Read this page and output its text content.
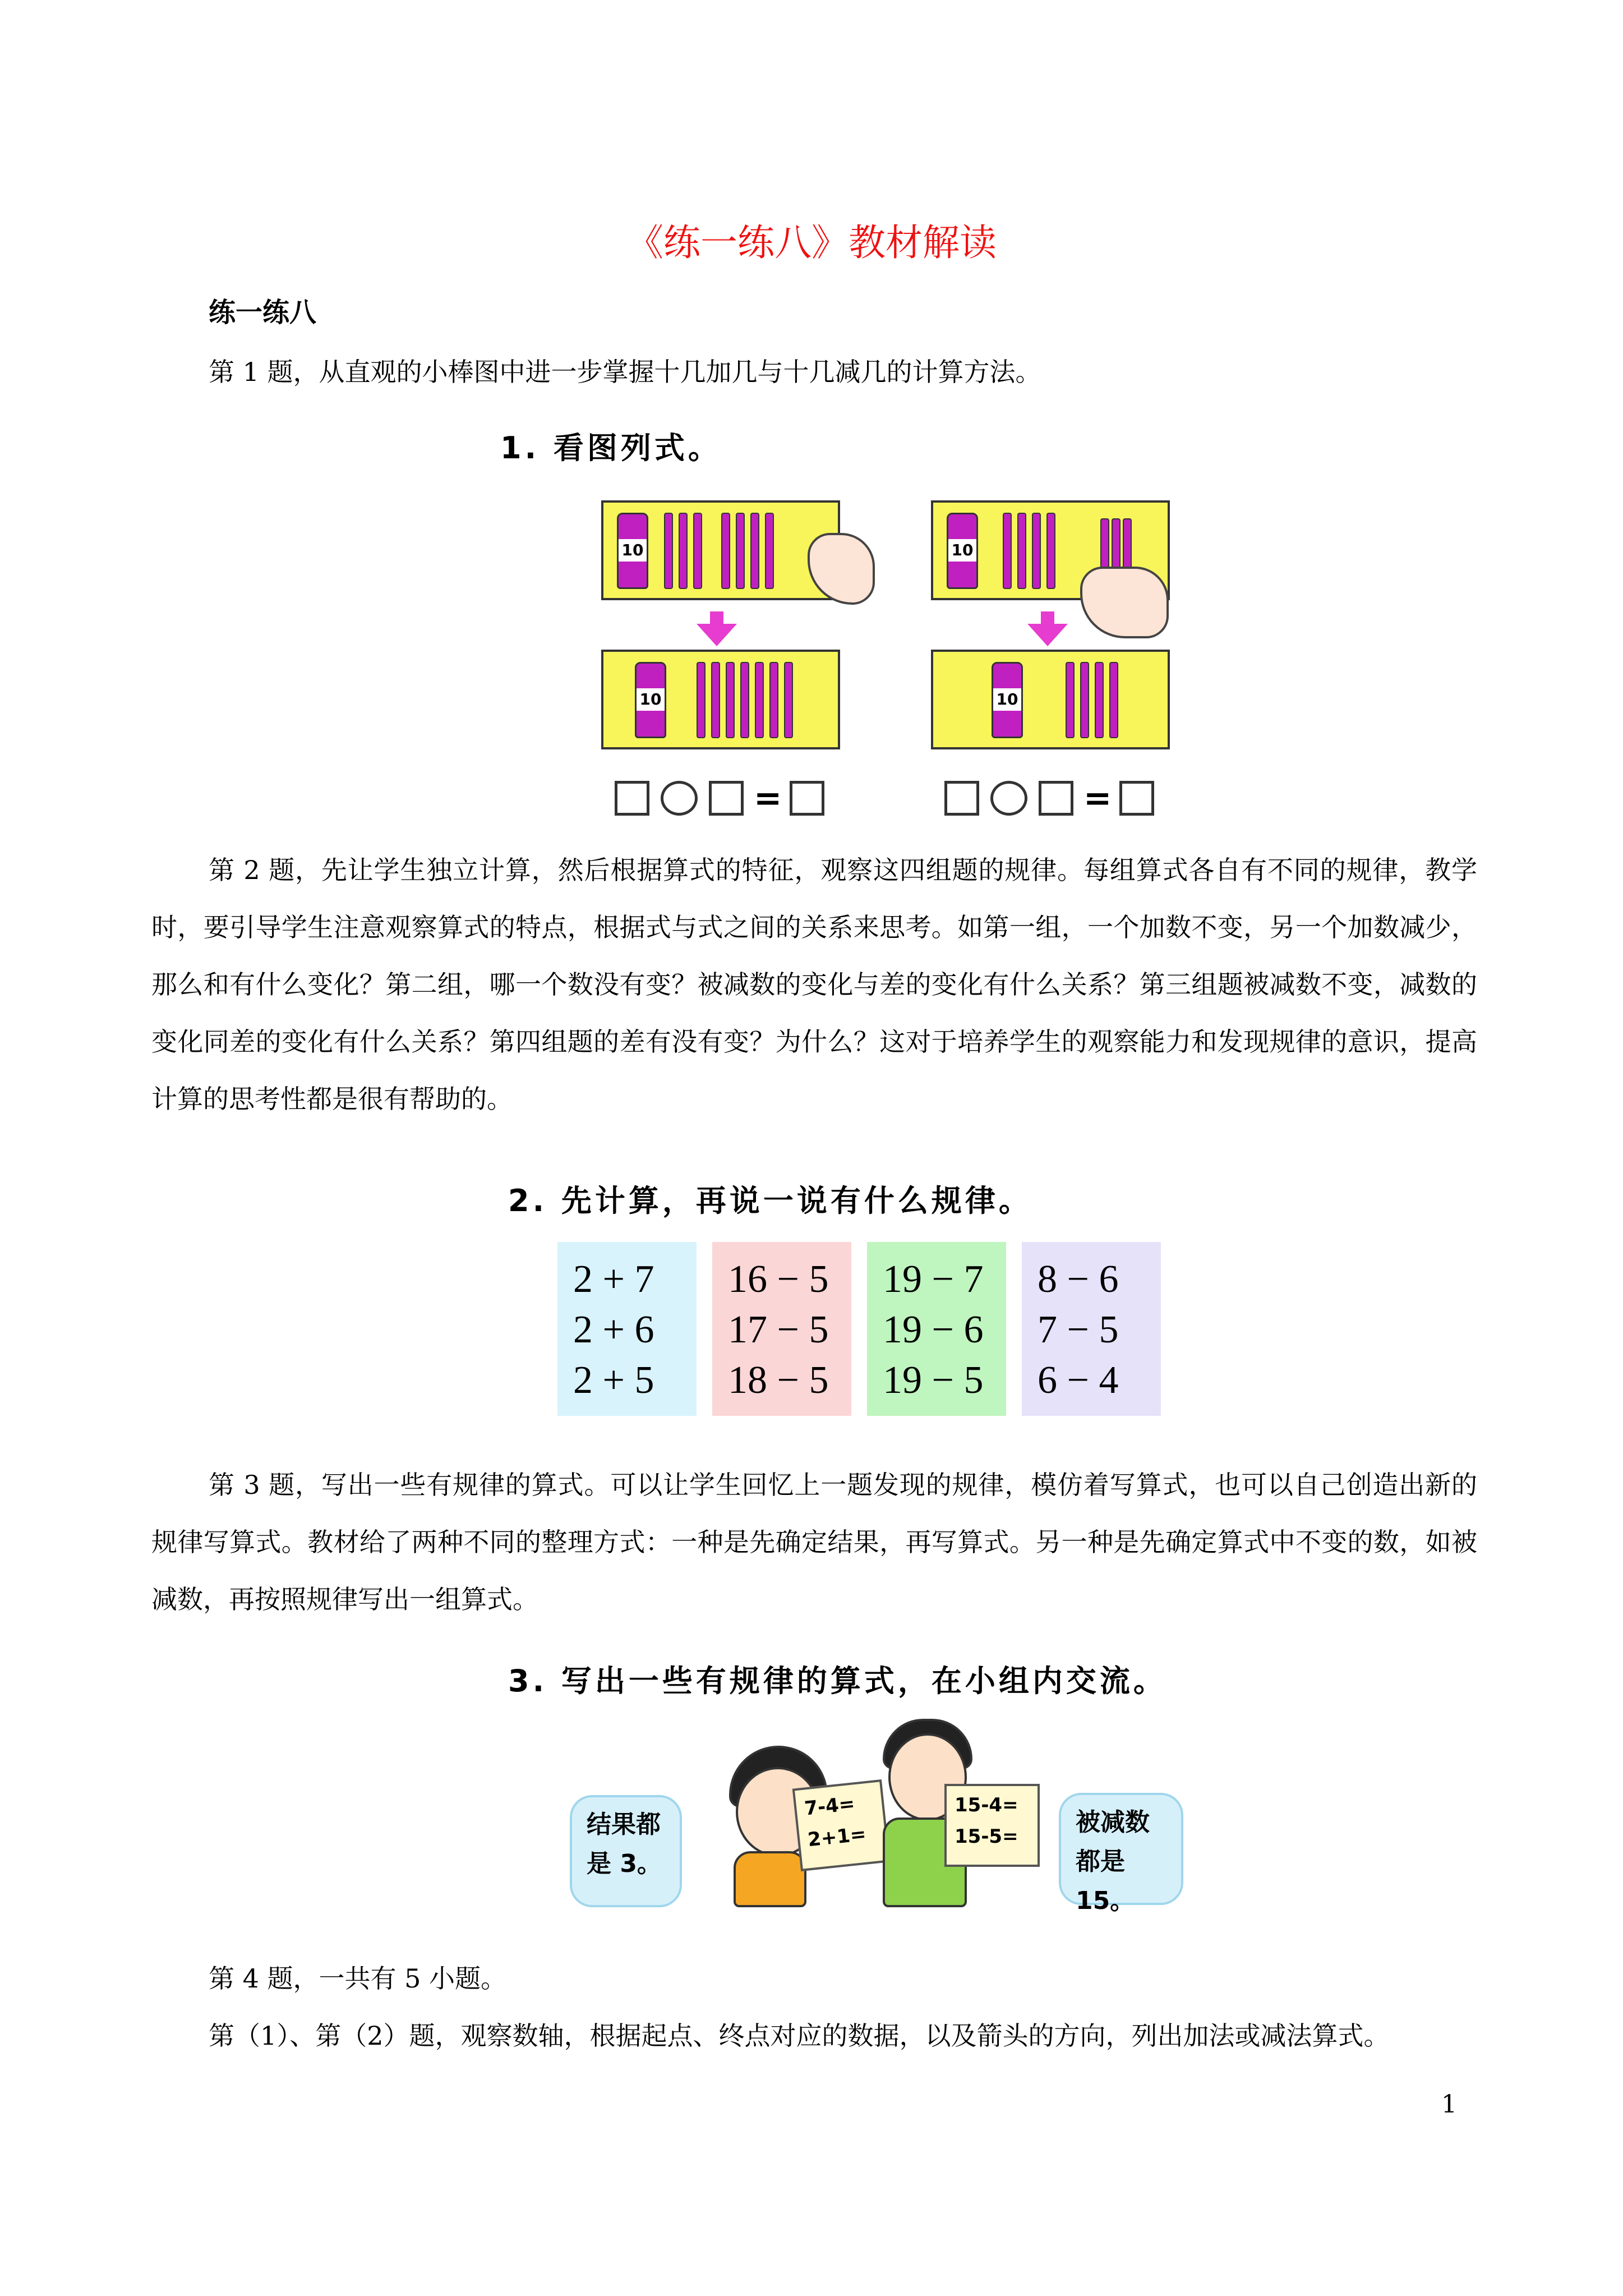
《练一练八》教材解读
练一练八

第 1 题，从直观的小棒图中进一步掌握十几加几与十几减几的计算方法。

1. 看图列式。
10
10
=
10
10
=

第 2 题，先让学生独立计算，然后根据算式的特征，观察这四组题的规律。每组算式各自有不同的规律，教学时，要引导学生注意观察算式的特点，根据式与式之间的关系来思考。如第一组，一个加数不变，另一个加数减少，那么和有什么变化？第二组，哪一个数没有变？被减数的变化与差的变化有什么关系？第三组题被减数不变，减数的变化同差的变化有什么关系？第四组题的差有没有变？为什么？这对于培养学生的观察能力和发现规律的意识，提高计算的思考性都是很有帮助的。

2. 先计算，再说一说有什么规律。
2 + 7
2 + 6
2 + 5
16 − 5
17 − 5
18 − 5
19 − 7
19 − 6
19 − 5
8 − 6
7 − 5
6 − 4

第 3 题，写出一些有规律的算式。可以让学生回忆上一题发现的规律，模仿着写算式，也可以自己创造出新的规律写算式。教材给了两种不同的整理方式：一种是先确定结果，再写算式。另一种是先确定算式中不变的数，如被减数，再按照规律写出一组算式。

3. 写出一些有规律的算式，在小组内交流。
结果都
是 3。
7-4=
2+1=
15-4=
15-5=	被减数
都是 15。

第 4 题，一共有 5 小题。

第（1）、第（2）题，观察数轴，根据起点、终点对应的数据，以及箭头的方向，列出加法或减法算式。

1
